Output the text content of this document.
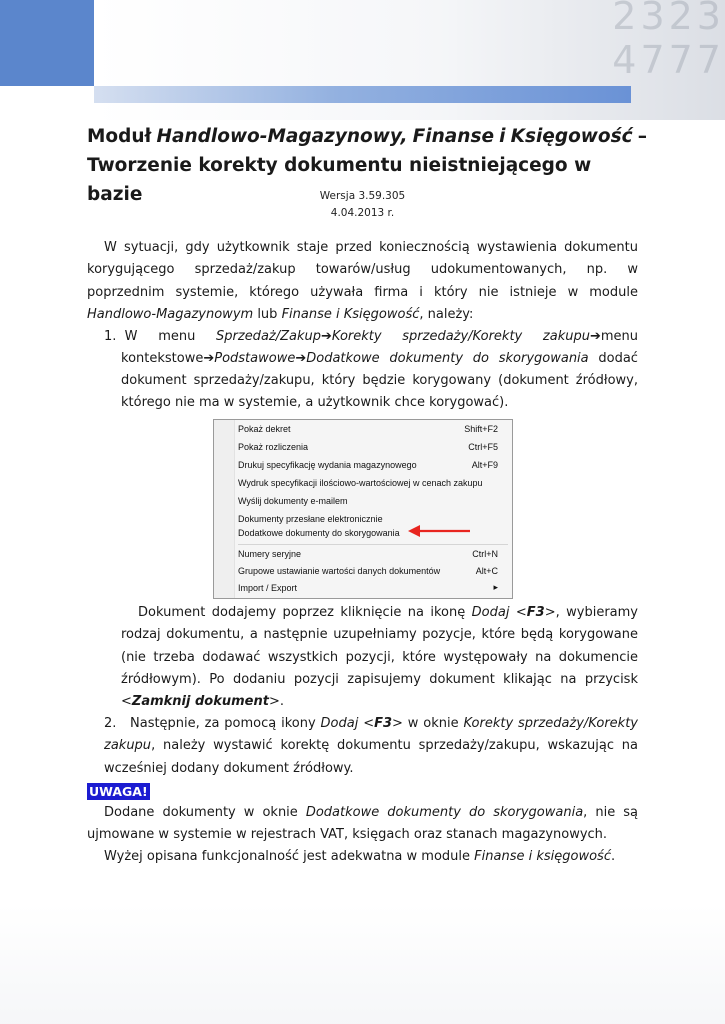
2323
4777
Moduł Handlowo-Magazynowy, Finanse i Księgowość –
Tworzenie korekty dokumentu nieistniejącego w bazie	Wersja 3.59.305
4.04.2013 r.
W sytuacji, gdy użytkownik staje przed koniecznością wystawienia dokumentu korygującego sprzedaż/zakup towarów/usług udokumentowanych, np. w poprzednim systemie, którego używała firma i który nie istnieje w module Handlowo-Magazynowym lub Finanse i Księgowość, należy:
1. W menu Sprzedaż/Zakup➔Korekty sprzedaży/Korekty zakupu➔menu
kontekstowe➔Podstawowe➔Dodatkowe dokumenty do skorygowania dodać
dokument sprzedaży/zakupu, który będzie korygowany (dokument źródłowy, którego nie ma w systemie, a użytkownik chce korygować).
Pokaż dekret	Shift+F2
Pokaż rozliczenia	Ctrl+F5
Drukuj specyfikację wydania magazynowego	Alt+F9
Wydruk specyfikacji ilościowo-wartościowej w cenach zakupu
Wyślij dokumenty e-mailem
Dokumenty przesłane elektronicznie
Dodatkowe dokumenty do skorygowania
Numery seryjne	Ctrl+N
Grupowe ustawianie wartości danych dokumentów	Alt+C
Import / Export	▸
Dokument dodajemy poprzez kliknięcie na ikonę Dodaj <F3>, wybieramy rodzaj dokumentu, a następnie uzupełniamy pozycje, które będą korygowane (nie trzeba dodawać wszystkich pozycji, które występowały na dokumencie źródłowym). Po dodaniu pozycji zapisujemy dokument klikając na przycisk <Zamknij dokument>.
2. Następnie, za pomocą ikony Dodaj <F3> w oknie Korekty sprzedaży/Korekty zakupu, należy wystawić korektę dokumentu sprzedaży/zakupu, wskazując na wcześniej dodany dokument źródłowy.
UWAGA!
Dodane dokumenty w oknie Dodatkowe dokumenty do skorygowania, nie są ujmowane w systemie w rejestrach VAT, księgach oraz stanach magazynowych.
Wyżej opisana funkcjonalność jest adekwatna w module Finanse i księgowość.
